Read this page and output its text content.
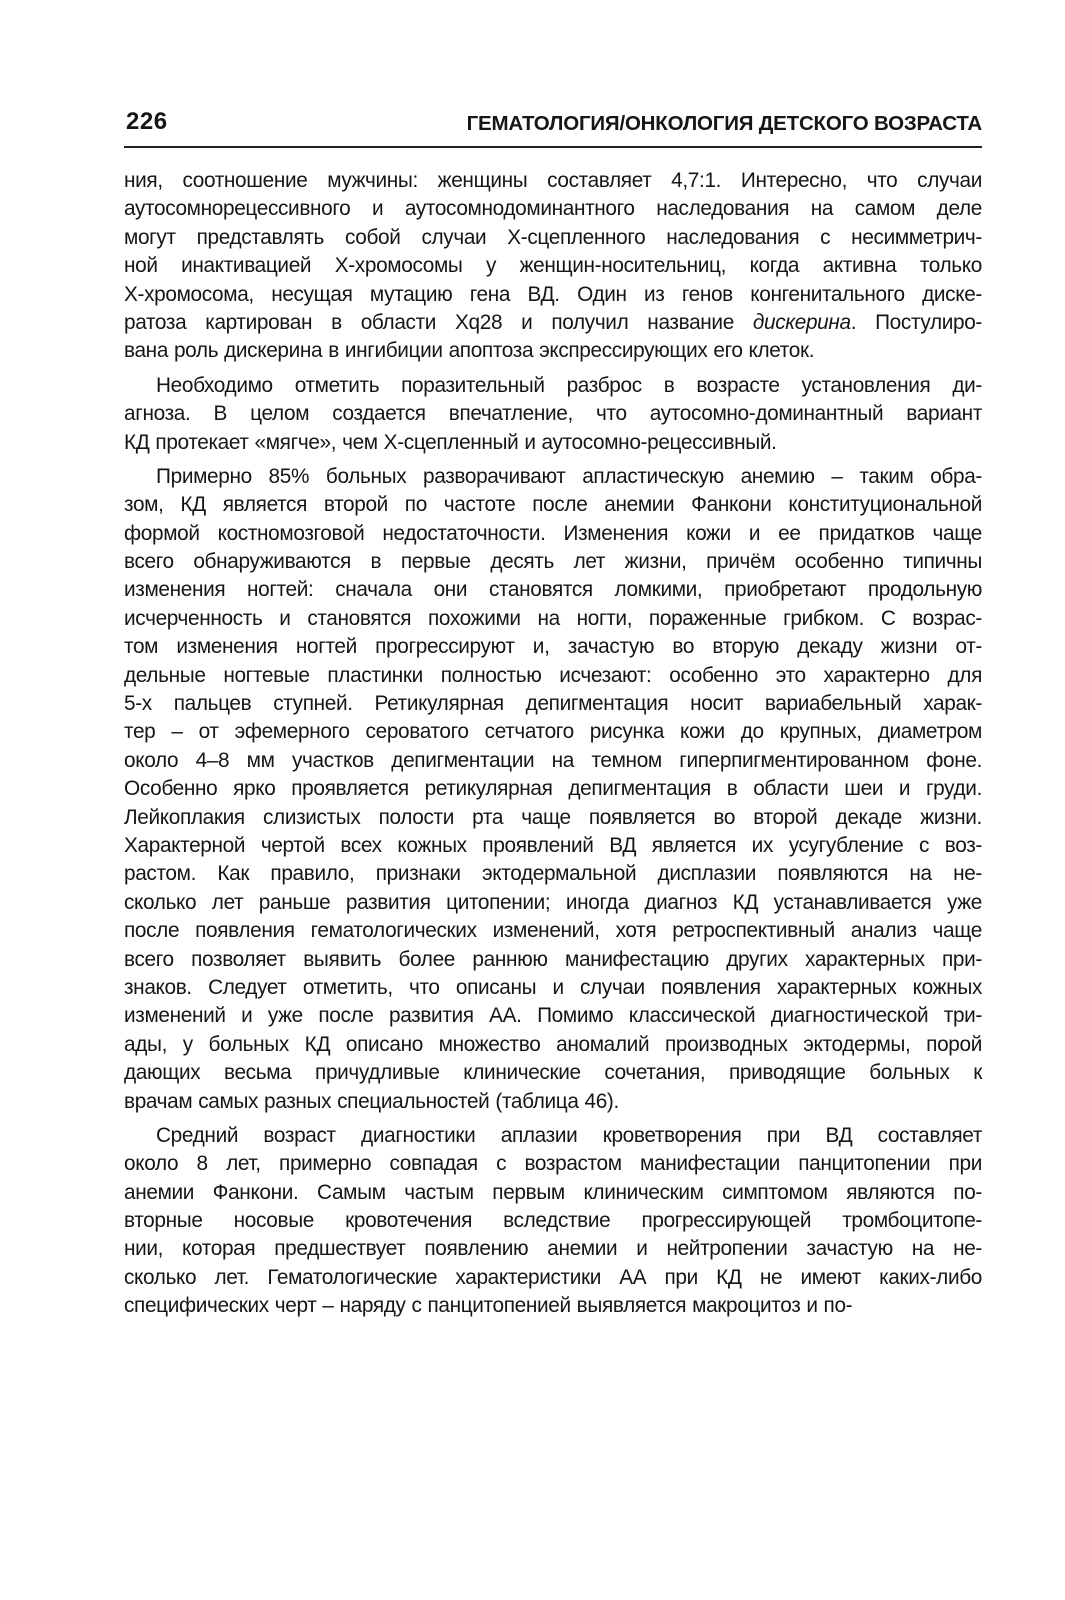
226	ГЕМАТОЛОГИЯ/ОНКОЛОГИЯ ДЕТСКОГО ВОЗРАСТА
ния, соотношение мужчины: женщины составляет 4,7:1. Интересно, что случаи
аутосомнорецессивного и аутосомнодоминантного наследования на самом деле
могут представлять собой случаи Х-сцепленного наследования с несимметрич-
ной инактивацией Х-хромосомы у женщин-носительниц, когда активна только
Х-хромосома, несущая мутацию гена ВД. Один из генов конгенитального диске-
ратоза картирован в области Xq28 и получил название дискерина. Постулиро-
вана роль дискерина в ингибиции апоптоза экспрессирующих его клеток.
Необходимо отметить поразительный разброс в возрасте установления ди-
агноза. В целом создается впечатление, что аутосомно-доминантный вариант
КД протекает «мягче», чем Х-сцепленный и аутосомно-рецессивный.
Примерно 85% больных разворачивают апластическую анемию – таким обра-
зом, КД является второй по частоте после анемии Фанкони конституциональной
формой костномозговой недостаточности. Изменения кожи и ее придатков чаще
всего обнаруживаются в первые десять лет жизни, причём особенно типичны
изменения ногтей: сначала они становятся ломкими, приобретают продольную
исчерченность и становятся похожими на ногти, пораженные грибком. С возрас-
том изменения ногтей прогрессируют и, зачастую во вторую декаду жизни от-
дельные ногтевые пластинки полностью исчезают: особенно это характерно для
5-х пальцев ступней. Ретикулярная депигментация носит вариабельный харак-
тер – от эфемерного сероватого сетчатого рисунка кожи до крупных, диаметром
около 4–8 мм участков депигментации на темном гиперпигментированном фоне.
Особенно ярко проявляется ретикулярная депигментация в области шеи и груди.
Лейкоплакия слизистых полости рта чаще появляется во второй декаде жизни.
Характерной чертой всех кожных проявлений ВД является их усугубление с воз-
растом. Как правило, признаки эктодермальной дисплазии появляются на не-
сколько лет раньше развития цитопении; иногда диагноз КД устанавливается уже
после появления гематологических изменений, хотя ретроспективный анализ чаще
всего позволяет выявить более раннюю манифестацию других характерных при-
знаков. Следует отметить, что описаны и случаи появления характерных кожных
изменений и уже после развития АА. Помимо классической диагностической три-
ады, у больных КД описано множество аномалий производных эктодермы, порой
дающих весьма причудливые клинические сочетания, приводящие больных к
врачам самых разных специальностей (таблица 46).
Средний возраст диагностики аплазии кроветворения при ВД составляет
около 8 лет, примерно совпадая с возрастом манифестации панцитопении при
анемии Фанкони. Самым частым первым клиническим симптомом являются по-
вторные носовые кровотечения вследствие прогрессирующей тромбоцитопе-
нии, которая предшествует появлению анемии и нейтропении зачастую на не-
сколько лет. Гематологические характеристики АА при КД не имеют каких-либо
специфических черт – наряду с панцитопенией выявляется макроцитоз и по-
